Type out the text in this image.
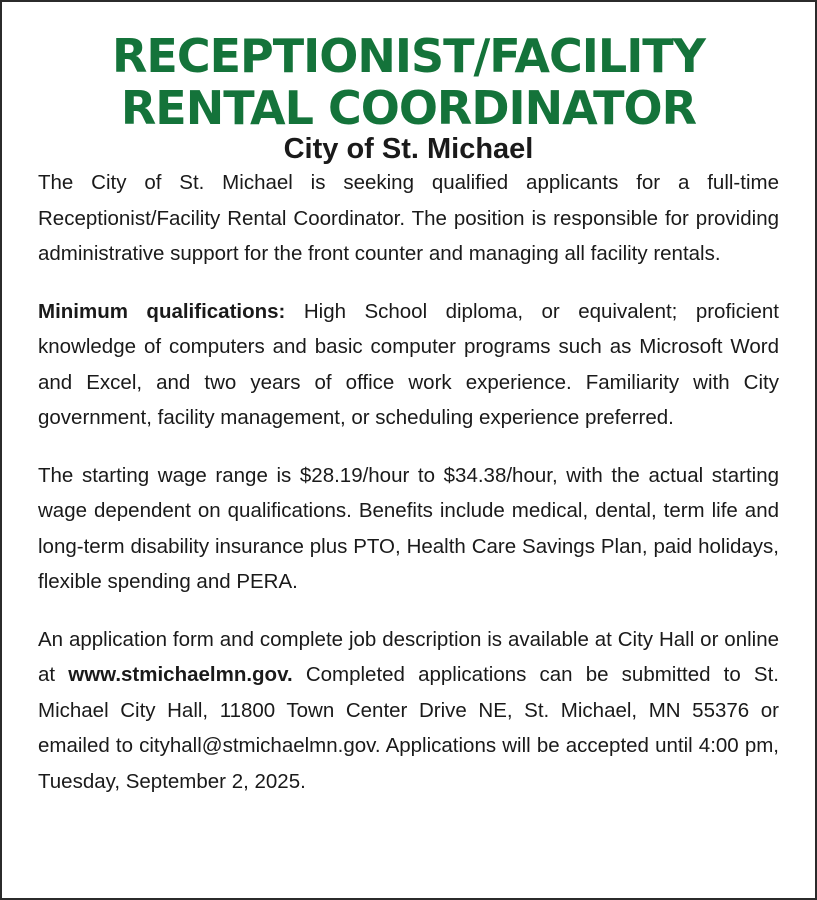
RECEPTIONIST/FACILITY
RENTAL COORDINATOR
City of St. Michael

The City of St. Michael is seeking qualified applicants for a full-time Receptionist/Facility Rental Coordinator. The position is responsible for providing administrative support for the front counter and managing all facility rentals.

Minimum qualifications: High School diploma, or equivalent; proficient knowledge of computers and basic computer programs such as Microsoft Word and Excel, and two years of office work experience. Familiarity with City government, facility management, or scheduling experience preferred.

The starting wage range is $28.19/hour to $34.38/hour, with the actual starting wage dependent on qualifications. Benefits include medical, dental, term life and long-term disability insurance plus PTO, Health Care Savings Plan, paid holidays, flexible spending and PERA.

An application form and complete job description is available at City Hall or online at www.stmichaelmn.gov. Completed applications can be submitted to St. Michael City Hall, 11800 Town Center Drive NE, St. Michael, MN 55376 or emailed to cityhall@stmichaelmn.gov. Applications will be accepted until 4:00 pm, Tuesday, September 2, 2025.
